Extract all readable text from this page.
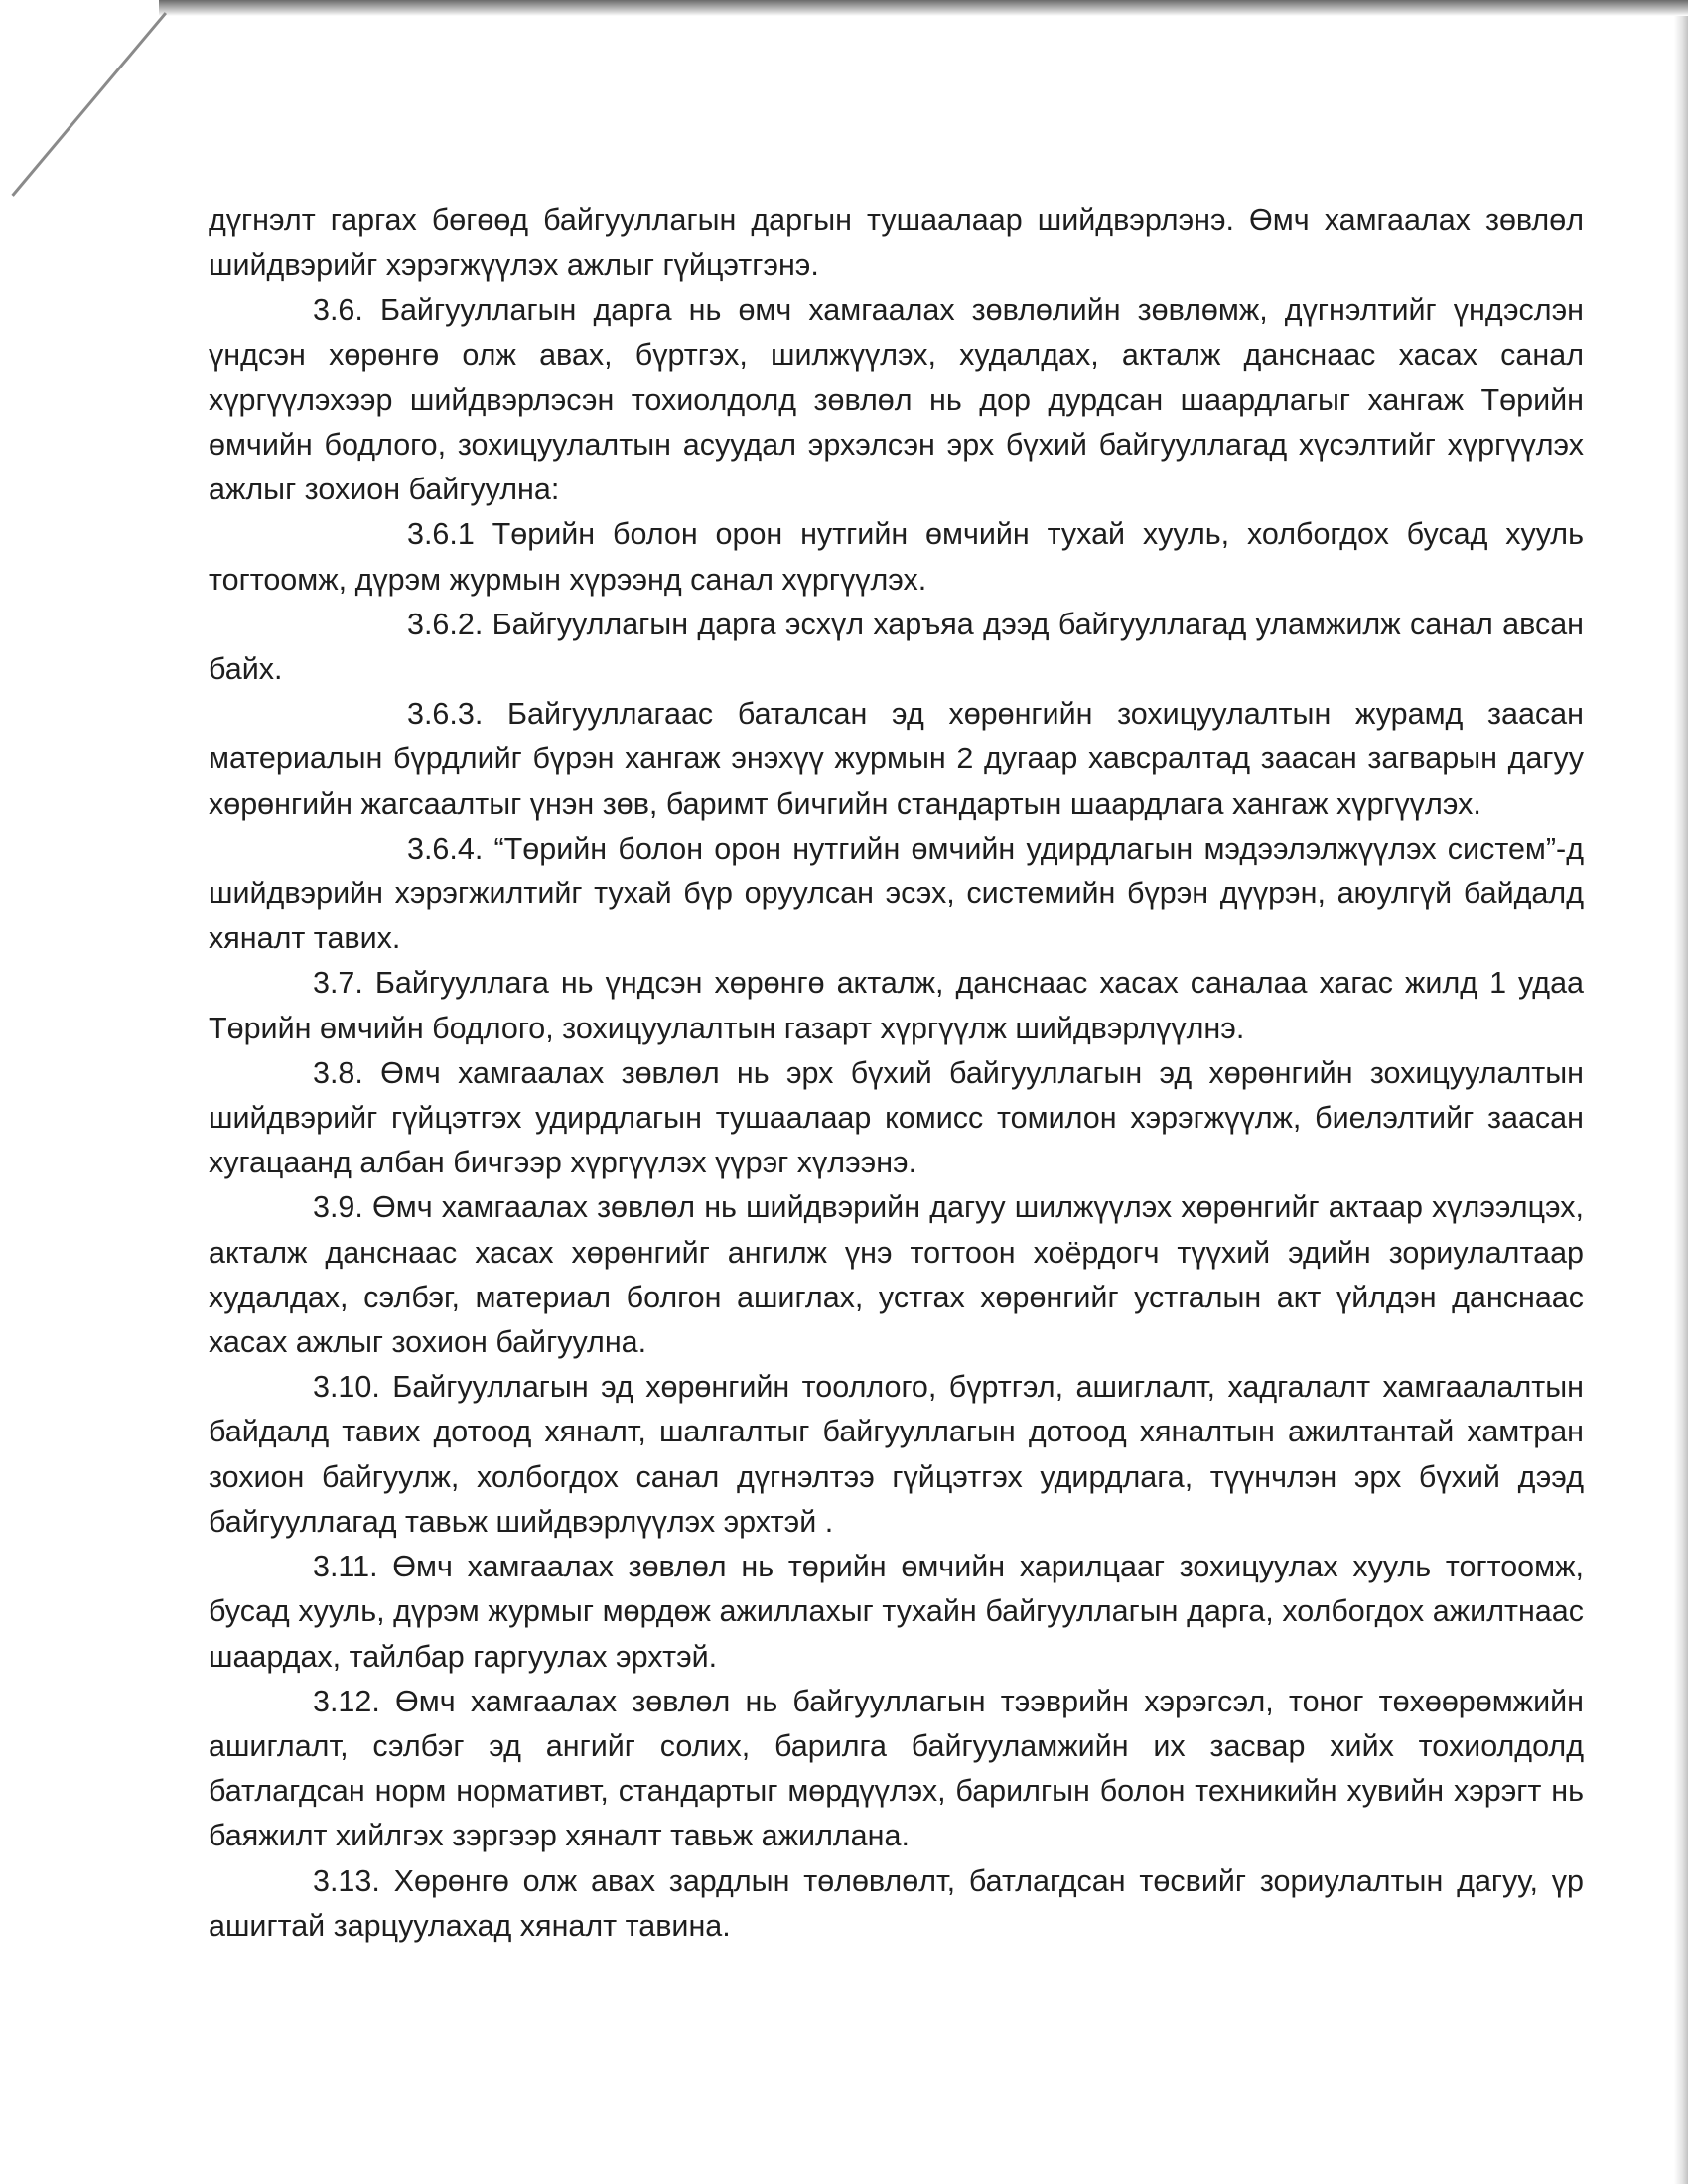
дүгнэлт гаргах бөгөөд байгууллагын даргын тушаалаар шийдвэрлэнэ. Өмч хамгаалах зөвлөл шийдвэрийг хэрэгжүүлэх ажлыг гүйцэтгэнэ.

3.6. Байгууллагын дарга нь өмч хамгаалах зөвлөлийн зөвлөмж, дүгнэлтийг үндэслэн үндсэн хөрөнгө олж авах, бүртгэх, шилжүүлэх, худалдах, акталж данснаас хасах санал хүргүүлэхээр шийдвэрлэсэн тохиолдолд зөвлөл нь дор дурдсан шаардлагыг хангаж Төрийн өмчийн бодлого, зохицуулалтын асуудал эрхэлсэн эрх бүхий байгууллагад хүсэлтийг хүргүүлэх ажлыг зохион байгуулна:

3.6.1 Төрийн болон орон нутгийн өмчийн тухай хууль, холбогдох бусад хууль тогтоомж, дүрэм журмын хүрээнд санал хүргүүлэх.

3.6.2. Байгууллагын дарга эсхүл харъяа дээд байгууллагад уламжилж санал авсан байх.

3.6.3. Байгууллагаас баталсан эд хөрөнгийн зохицуулалтын журамд заасан материалын бүрдлийг бүрэн хангаж энэхүү журмын 2 дугаар хавсралтад заасан загварын дагуу хөрөнгийн жагсаалтыг үнэн зөв, баримт бичгийн стандартын шаардлага хангаж хүргүүлэх.

3.6.4. “Төрийн болон орон нутгийн өмчийн удирдлагын мэдээлэлжүүлэх систем”-д шийдвэрийн хэрэгжилтийг тухай бүр оруулсан эсэх, системийн бүрэн дүүрэн, аюулгүй байдалд хяналт тавих.

3.7. Байгууллага нь үндсэн хөрөнгө акталж, данснаас хасах саналаа хагас жилд 1 удаа Төрийн өмчийн бодлого, зохицуулалтын газарт хүргүүлж шийдвэрлүүлнэ.

3.8. Өмч хамгаалах зөвлөл нь эрх бүхий байгууллагын эд хөрөнгийн зохицуулалтын шийдвэрийг гүйцэтгэх удирдлагын тушаалаар комисс томилон хэрэгжүүлж, биелэлтийг заасан хугацаанд албан бичгээр хүргүүлэх үүрэг хүлээнэ.

3.9. Өмч хамгаалах зөвлөл нь шийдвэрийн дагуу шилжүүлэх хөрөнгийг актаар хүлээлцэх, акталж данснаас хасах хөрөнгийг ангилж үнэ тогтоон хоёрдогч түүхий эдийн зориулалтаар худалдах, сэлбэг, материал болгон ашиглах, устгах хөрөнгийг устгалын акт үйлдэн данснаас хасах ажлыг зохион байгуулна.

3.10. Байгууллагын эд хөрөнгийн тооллого, бүртгэл, ашиглалт, хадгалалт хамгаалалтын байдалд тавих дотоод хяналт, шалгалтыг байгууллагын дотоод хяналтын ажилтантай хамтран зохион байгуулж, холбогдох санал дүгнэлтээ гүйцэтгэх удирдлага, түүнчлэн эрх бүхий дээд байгууллагад тавьж шийдвэрлүүлэх эрхтэй .

3.11. Өмч хамгаалах зөвлөл нь төрийн өмчийн харилцааг зохицуулах хууль тогтоомж, бусад хууль, дүрэм журмыг мөрдөж ажиллахыг тухайн байгууллагын дарга, холбогдох ажилтнаас шаардах, тайлбар гаргуулах эрхтэй.

3.12. Өмч хамгаалах зөвлөл нь байгууллагын тээврийн хэрэгсэл, тоног төхөөрөмжийн ашиглалт, сэлбэг эд ангийг солих, барилга байгууламжийн их засвар хийх тохиолдолд батлагдсан норм нормативт, стандартыг мөрдүүлэх, барилгын болон техникийн хувийн хэрэгт нь баяжилт хийлгэх зэргээр хяналт тавьж ажиллана.

3.13. Хөрөнгө олж авах зардлын төлөвлөлт, батлагдсан төсвийг зориулалтын дагуу, үр ашигтай зарцуулахад хяналт тавина.
